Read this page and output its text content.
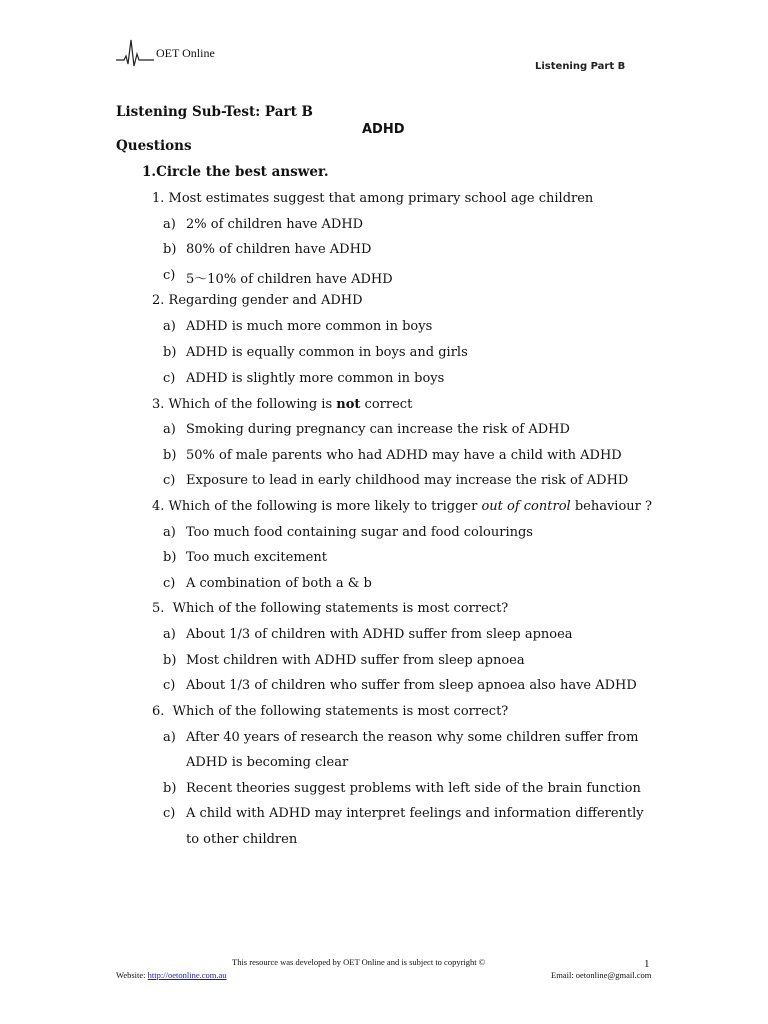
OET Online
Listening Part B
Listening Sub-Test: Part B
ADHD
Questions
1.Circle the best answer.
1. Most estimates suggest that among primary school age children
a) 2% of children have ADHD
b) 80% of children have ADHD
c) 5～10% of children have ADHD
2. Regarding gender and ADHD
a) ADHD is much more common in boys
b) ADHD is equally common in boys and girls
c) ADHD is slightly more common in boys
3. Which of the following is not correct
a) Smoking during pregnancy can increase the risk of ADHD
b) 50% of male parents who had ADHD may have a child with ADHD
c) Exposure to lead in early childhood may increase the risk of ADHD
4. Which of the following is more likely to trigger out of control behaviour ?
a) Too much food containing sugar and food colourings
b) Too much excitement
c) A combination of both a & b
5. Which of the following statements is most correct?
a) About 1/3 of children with ADHD suffer from sleep apnoea
b) Most children with ADHD suffer from sleep apnoea
c) About 1/3 of children who suffer from sleep apnoea also have ADHD
6. Which of the following statements is most correct?
a) After 40 years of research the reason why some children suffer from
ADHD is becoming clear
b) Recent theories suggest problems with left side of the brain function
c) A child with ADHD may interpret feelings and information differently
to other children
This resource was developed by OET Online and is subject to copyright ©	1
Website: http://oetonline.com.au	Email: oetonline@gmail.com
